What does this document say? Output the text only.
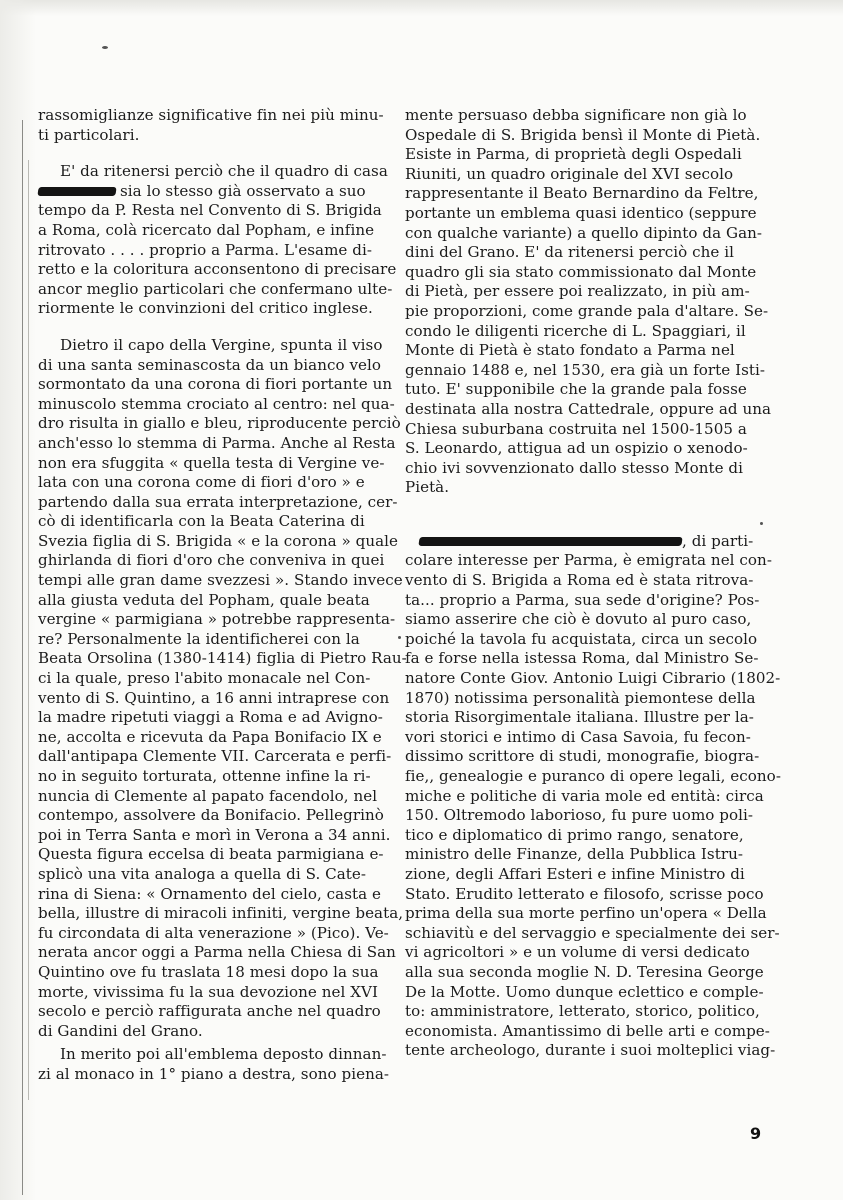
rassomiglianze significative fin nei più minu-
ti particolari.
E' da ritenersi perciò che il quadro di casa
sia lo stesso già osservato a suo
tempo da P. Resta nel Convento di S. Brigida
a Roma, colà ricercato dal Popham, e infine
ritrovato . . . . proprio a Parma. L'esame di-
retto e la coloritura acconsentono di precisare
ancor meglio particolari che confermano ulte-
riormente le convinzioni del critico inglese.
Dietro il capo della Vergine, spunta il viso
di una santa seminascosta da un bianco velo
sormontato da una corona di fiori portante un
minuscolo stemma crociato al centro: nel qua-
dro risulta in giallo e bleu, riproducente perciò
anch'esso lo stemma di Parma. Anche al Resta
non era sfuggita « quella testa di Vergine ve-
lata con una corona come di fiori d'oro » e
partendo dalla sua errata interpretazione, cer-
cò di identificarla con la Beata Caterina di
Svezia figlia di S. Brigida « e la corona » quale
ghirlanda di fiori d'oro che conveniva in quei
tempi alle gran dame svezzesi ». Stando invece
alla giusta veduta del Popham, quale beata
vergine « parmigiana » potrebbe rappresenta-
re? Personalmente la identificherei con la
Beata Orsolina (1380-1414) figlia di Pietro Rau-
ci la quale, preso l'abito monacale nel Con-
vento di S. Quintino, a 16 anni intraprese con
la madre ripetuti viaggi a Roma e ad Avigno-
ne, accolta e ricevuta da Papa Bonifacio IX e
dall'antipapa Clemente VII. Carcerata e perfi-
no in seguito torturata, ottenne infine la ri-
nuncia di Clemente al papato facendolo, nel
contempo, assolvere da Bonifacio. Pellegrinò
poi in Terra Santa e morì in Verona a 34 anni.
Questa figura eccelsa di beata parmigiana e-
splicò una vita analoga a quella di S. Cate-
rina di Siena: « Ornamento del cielo, casta e
bella, illustre di miracoli infiniti, vergine beata,
fu circondata di alta venerazione » (Pico). Ve-
nerata ancor oggi a Parma nella Chiesa di San
Quintino ove fu traslata 18 mesi dopo la sua
morte, vivissima fu la sua devozione nel XVI
secolo e perciò raffigurata anche nel quadro
di Gandini del Grano.
In merito poi all'emblema deposto dinnan-
zi al monaco in 1° piano a destra, sono piena-
mente persuaso debba significare non già lo
Ospedale di S. Brigida bensì il Monte di Pietà.
Esiste in Parma, di proprietà degli Ospedali
Riuniti, un quadro originale del XVI secolo
rappresentante il Beato Bernardino da Feltre,
portante un emblema quasi identico (seppure
con qualche variante) a quello dipinto da Gan-
dini del Grano. E' da ritenersi perciò che il
quadro gli sia stato commissionato dal Monte
di Pietà, per essere poi realizzato, in più am-
pie proporzioni, come grande pala d'altare. Se-
condo le diligenti ricerche di L. Spaggiari, il
Monte di Pietà è stato fondato a Parma nel
gennaio 1488 e, nel 1530, era già un forte Isti-
tuto. E' supponibile che la grande pala fosse
destinata alla nostra Cattedrale, oppure ad una
Chiesa suburbana costruita nel 1500-1505 a
S. Leonardo, attigua ad un ospizio o xenodo-
chio ivi sovvenzionato dallo stesso Monte di
Pietà.
, di parti-
colare interesse per Parma, è emigrata nel con-
vento di S. Brigida a Roma ed è stata ritrova-
ta... proprio a Parma, sua sede d'origine? Pos-
siamo asserire che ciò è dovuto al puro caso,
poiché la tavola fu acquistata, circa un secolo
fa e forse nella istessa Roma, dal Ministro Se-
natore Conte Giov. Antonio Luigi Cibrario (1802-
1870) notissima personalità piemontese della
storia Risorgimentale italiana. Illustre per la-
vori storici e intimo di Casa Savoia, fu fecon-
dissimo scrittore di studi, monografie, biogra-
fie,, genealogie e puranco di opere legali, econo-
miche e politiche di varia mole ed entità: circa
150. Oltremodo laborioso, fu pure uomo poli-
tico e diplomatico di primo rango, senatore,
ministro delle Finanze, della Pubblica Istru-
zione, degli Affari Esteri e infine Ministro di
Stato. Erudito letterato e filosofo, scrisse poco
prima della sua morte perfino un'opera « Della
schiavitù e del servaggio e specialmente dei ser-
vi agricoltori » e un volume di versi dedicato
alla sua seconda moglie N. D. Teresina George
De la Motte. Uomo dunque eclettico e comple-
to: amministratore, letterato, storico, politico,
economista. Amantissimo di belle arti e compe-
tente archeologo, durante i suoi molteplici viag-
9
